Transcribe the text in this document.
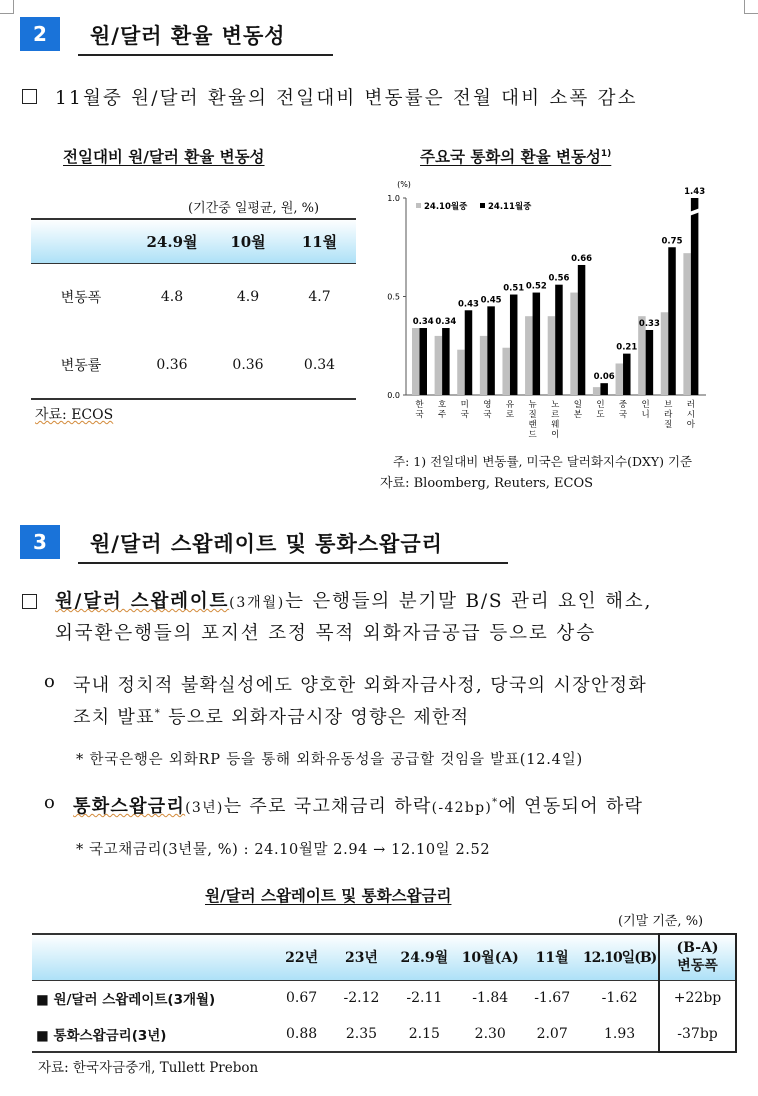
2	원/달러 환율 변동성
11월중 원/달러 환율의 전일대비 변동률은 전월 대비 소폭 감소
전일대비 원/달러 환율 변동성
(기간중 일평균, 원, %)
	24.9월	10월	11월
변동폭	4.8	4.9	4.7
변동률	0.36	0.36	0.34
자료: ECOS
주요국 통화의 환율 변동성$^{1)}$
(%)
0.0
0.5
1.0
0.34
한
국
0.34
호
주
0.43
미
국
0.45
영
국
0.51
유
로
0.52
뉴
질
랜
드
0.56
노
르
웨
이
0.66
일
본
0.06
인
도
0.21
중
국
0.33
인
니
0.75
브
라
질
1.43
러
시
아
24.10월중 24.11월중
주: 1) 전일대비 변동률, 미국은 달러화지수(DXY) 기준
자료: Bloomberg, Reuters, ECOS
3	원/달러 스왑레이트 및 통화스왑금리
원/달러 스왑레이트(3개월)는 은행들의 분기말 B/S 관리 요인 해소,
외국환은행들의 포지션 조정 목적 외화자금공급 등으로 상승
o 국내 정치적 불확실성에도 양호한 외화자금사정, 당국의 시장안정화
조치 발표* 등으로 외화자금시장 영향은 제한적
* 한국은행은 외화RP 등을 통해 외화유동성을 공급할 것임을 발표(12.4일)
o 통화스왑금리(3년)는 주로 국고채금리 하락(-42bp)*에 연동되어 하락
* 국고채금리(3년물, %) : 24.10월말 2.94 → 12.10일 2.52
원/달러 스왑레이트 및 통화스왑금리
(기말 기준, %)
	22년	23년	24.9월	10월(A)	11월	12.10일(B)	(B-A)
변동폭
■ 원/달러 스왑레이트(3개월)	0.67	-2.12	-2.11	-1.84	-1.67	-1.62	+22bp
■ 통화스왑금리(3년)	0.88	2.35	2.15	2.30	2.07	1.93	-37bp
자료: 한국자금중개, Tullett Prebon
